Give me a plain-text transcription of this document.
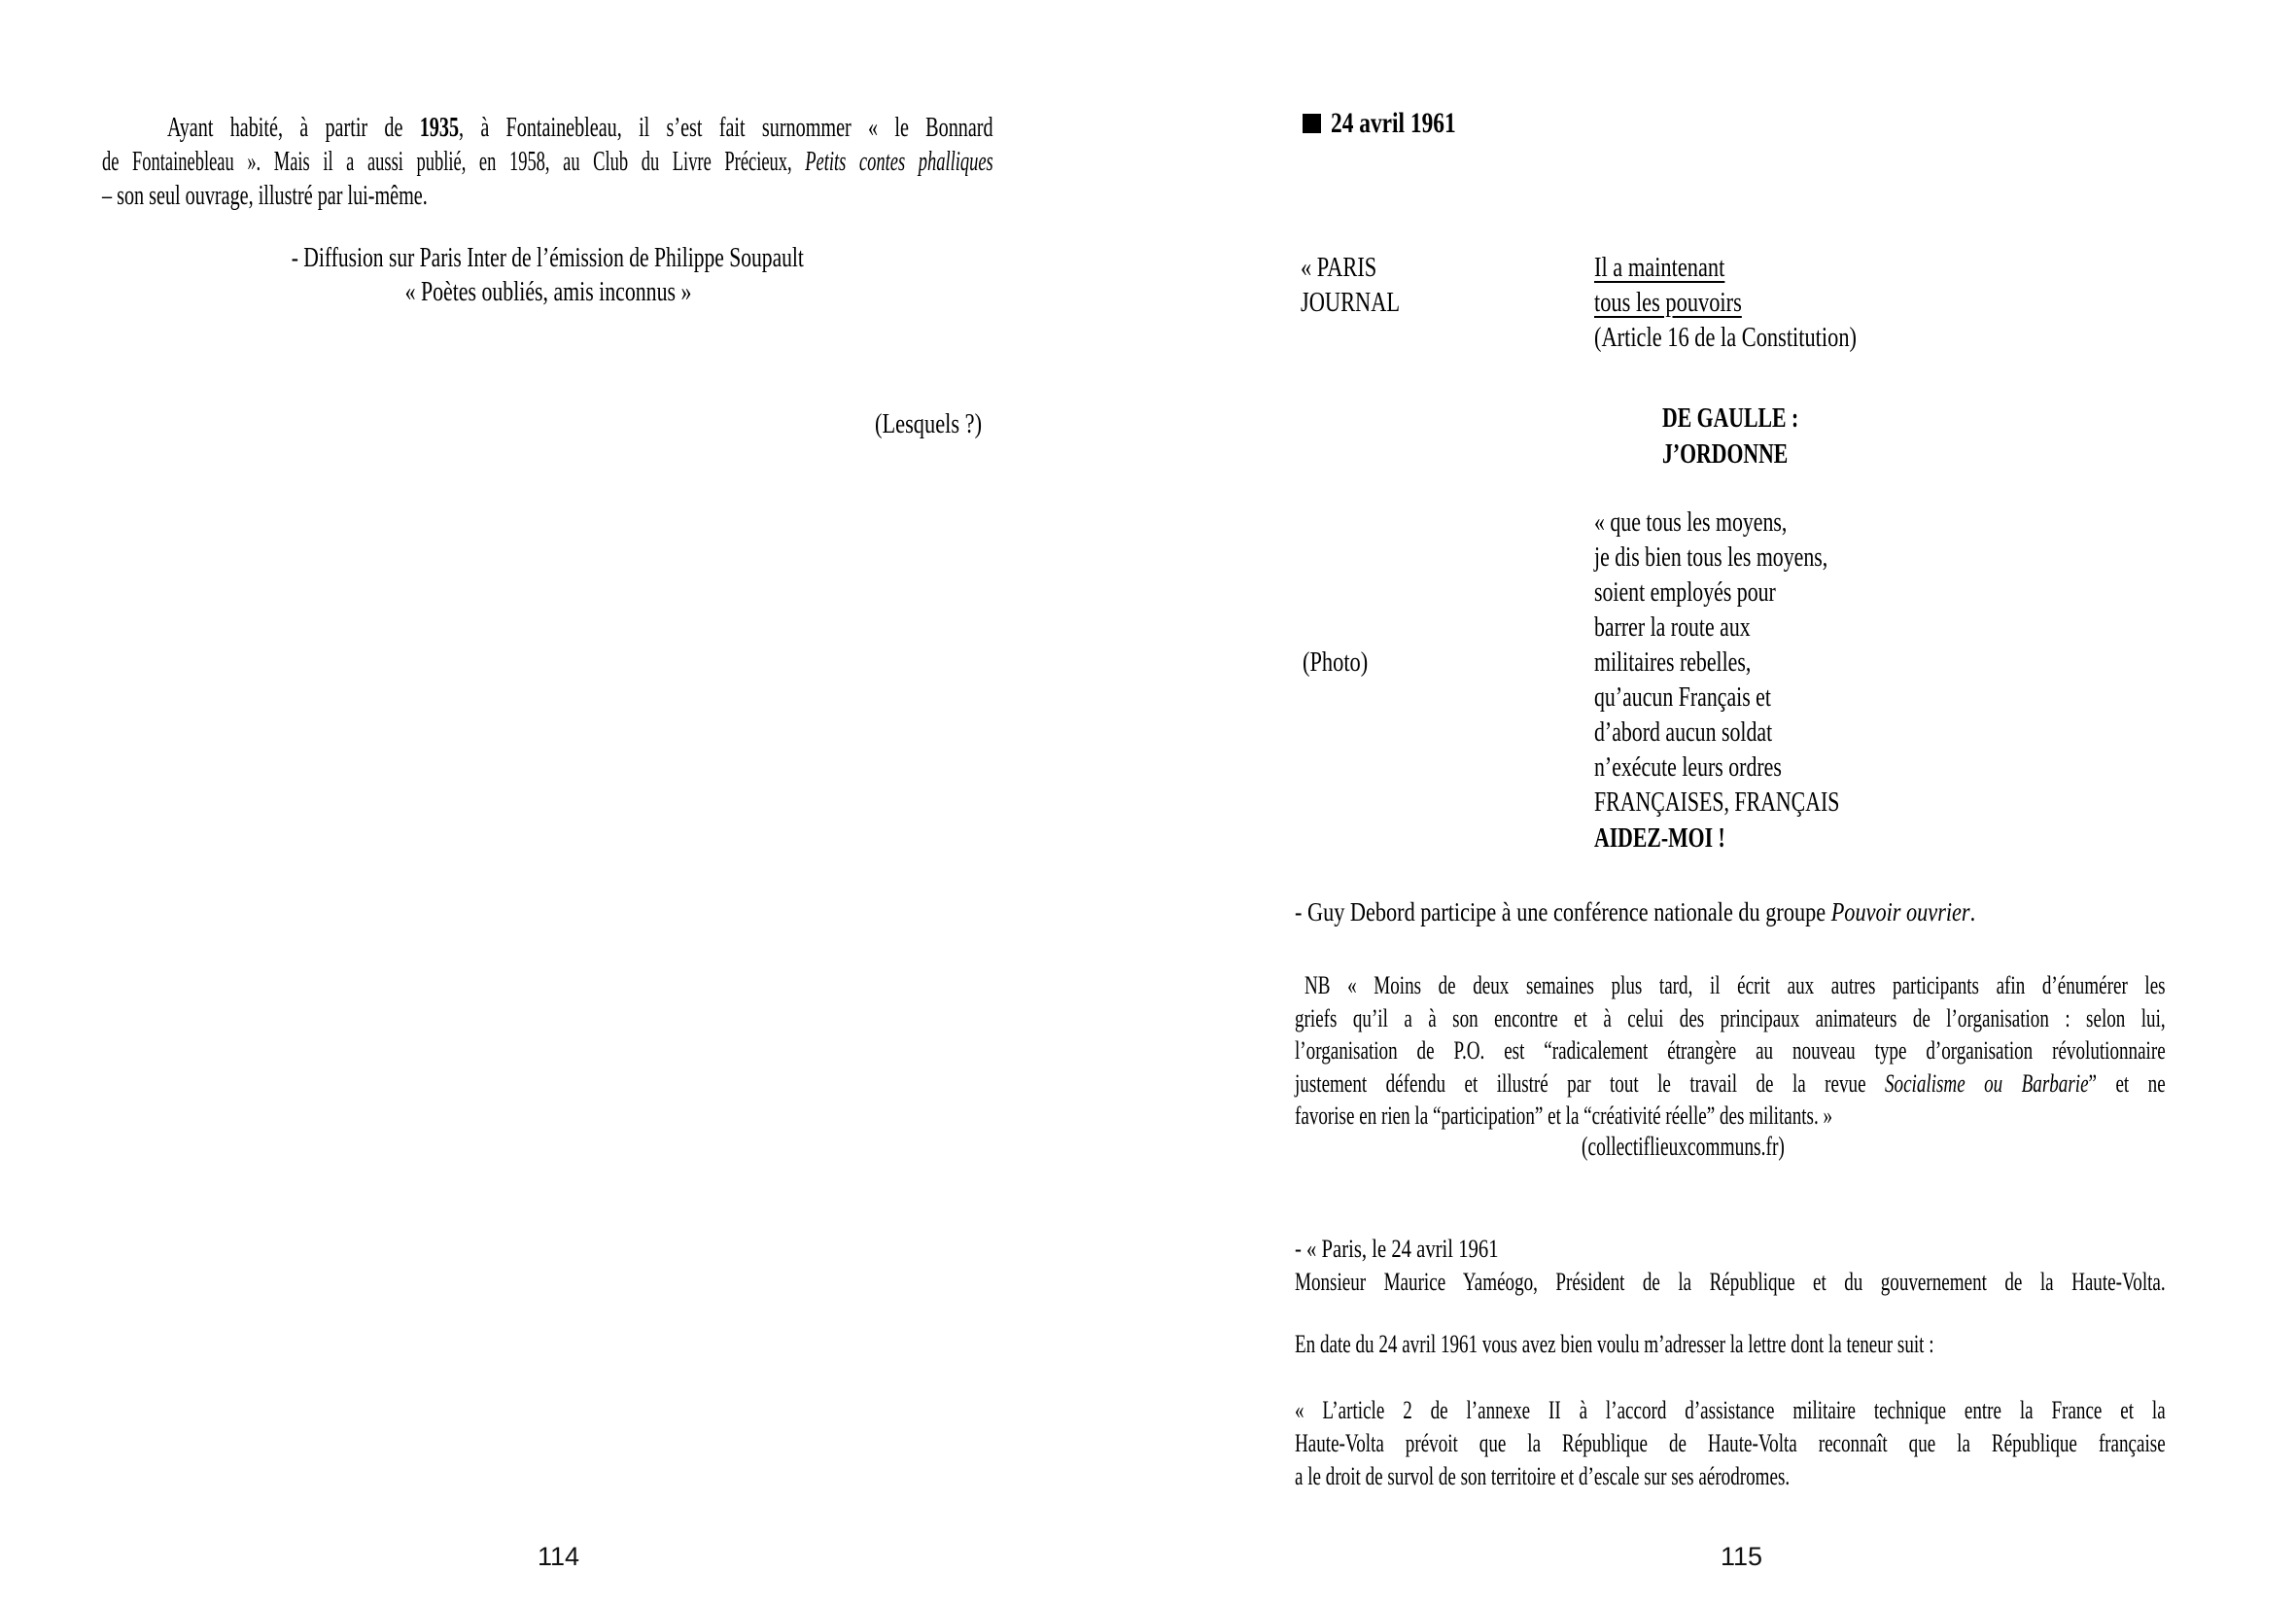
Ayant habité, à partir de 1935, à Fontainebleau, il s’est fait surnommer « le Bonnard
de Fontainebleau ». Mais il a aussi publié, en 1958, au Club du Livre Précieux, Petits contes phalliques
– son seul ouvrage, illustré par lui-même.
- Diffusion sur Paris Inter de l’émission de Philippe Soupault
« Poètes oubliés, amis inconnus »
(Lesquels ?)
114
24 avril 1961
« PARIS
JOURNAL
Il a maintenant
tous les pouvoirs
(Article 16 de la Constitution)
DE GAULLE :
J’ORDONNE
« que tous les moyens,
je dis bien tous les moyens,
soient employés pour
barrer la route aux
militaires rebelles,
qu’aucun Français et
d’abord aucun soldat
n’exécute leurs ordres
FRANÇAISES, FRANÇAIS
AIDEZ-MOI !
(Photo)
- Guy Debord participe à une conférence nationale du groupe Pouvoir ouvrier.
NB « Moins de deux semaines plus tard, il écrit aux autres participants afin d’énumérer les
griefs qu’il a à son encontre et à celui des principaux animateurs de l’organisation : selon lui,
l’organisation de P.O. est “radicalement étrangère au nouveau type d’organisation révolutionnaire
justement défendu et illustré par tout le travail de la revue Socialisme ou Barbarie” et ne
favorise en rien la “participation” et la “créativité réelle” des militants. »
(collectiflieuxcommuns.fr)
- « Paris, le 24 avril 1961
Monsieur Maurice Yaméogo, Président de la République et du gouvernement de la Haute-Volta.
En date du 24 avril 1961 vous avez bien voulu m’adresser la lettre dont la teneur suit :
« L’article 2 de l’annexe II à l’accord d’assistance militaire technique entre la France et la
Haute-Volta prévoit que la République de Haute-Volta reconnaît que la République française
a le droit de survol de son territoire et d’escale sur ses aérodromes.
115
